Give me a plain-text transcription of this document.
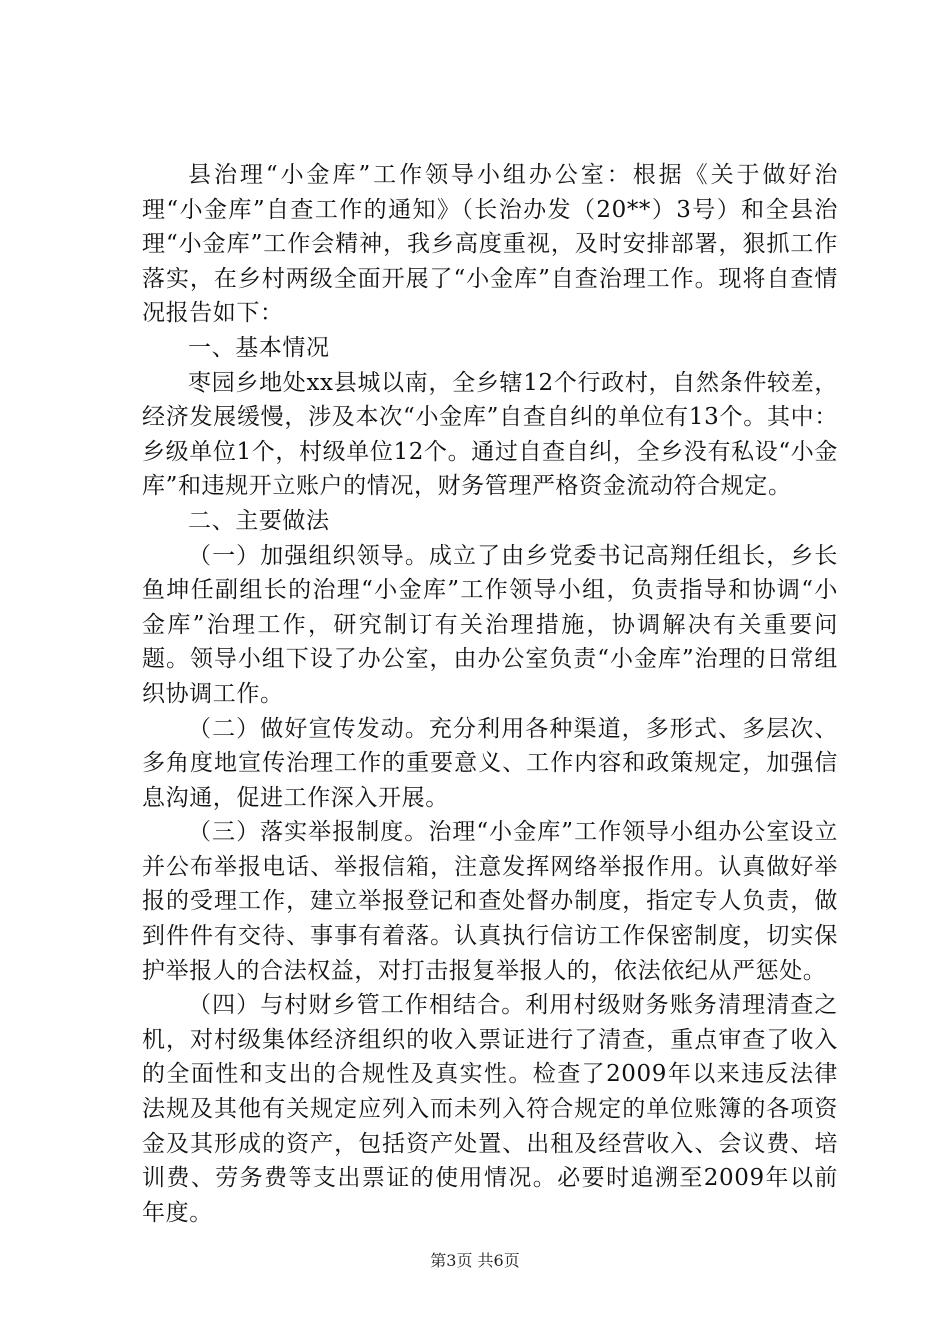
县治理“小金库”工作领导小组办公室：根据《关于做好治理“小金库”自查工作的通知》（长治办发（20**）3号）和全县治理“小金库”工作会精神，我乡高度重视，及时安排部署，狠抓工作落实，在乡村两级全面开展了“小金库”自查治理工作。现将自查情况报告如下：

一、基本情况

枣园乡地处xx县城以南，全乡辖12个行政村，自然条件较差，经济发展缓慢，涉及本次“小金库”自查自纠的单位有13个。其中：乡级单位1个，村级单位12个。通过自查自纠，全乡没有私设“小金库”和违规开立账户的情况，财务管理严格资金流动符合规定。

二、主要做法

（一）加强组织领导。成立了由乡党委书记高翔任组长，乡长鱼坤任副组长的治理“小金库”工作领导小组，负责指导和协调“小金库”治理工作，研究制订有关治理措施，协调解决有关重要问题。领导小组下设了办公室，由办公室负责“小金库”治理的日常组织协调工作。

（二）做好宣传发动。充分利用各种渠道，多形式、多层次、多角度地宣传治理工作的重要意义、工作内容和政策规定，加强信息沟通，促进工作深入开展。

（三）落实举报制度。治理“小金库”工作领导小组办公室设立并公布举报电话、举报信箱，注意发挥网络举报作用。认真做好举报的受理工作，建立举报登记和查处督办制度，指定专人负责，做到件件有交待、事事有着落。认真执行信访工作保密制度，切实保护举报人的合法权益，对打击报复举报人的，依法依纪从严惩处。

（四）与村财乡管工作相结合。利用村级财务账务清理清查之机，对村级集体经济组织的收入票证进行了清查，重点审查了收入的全面性和支出的合规性及真实性。检查了2009年以来违反法律法规及其他有关规定应列入而未列入符合规定的单位账簿的各项资金及其形成的资产，包括资产处置、出租及经营收入、会议费、培训费、劳务费等支出票证的使用情况。必要时追溯至2009年以前年度。

第3页 共6页
